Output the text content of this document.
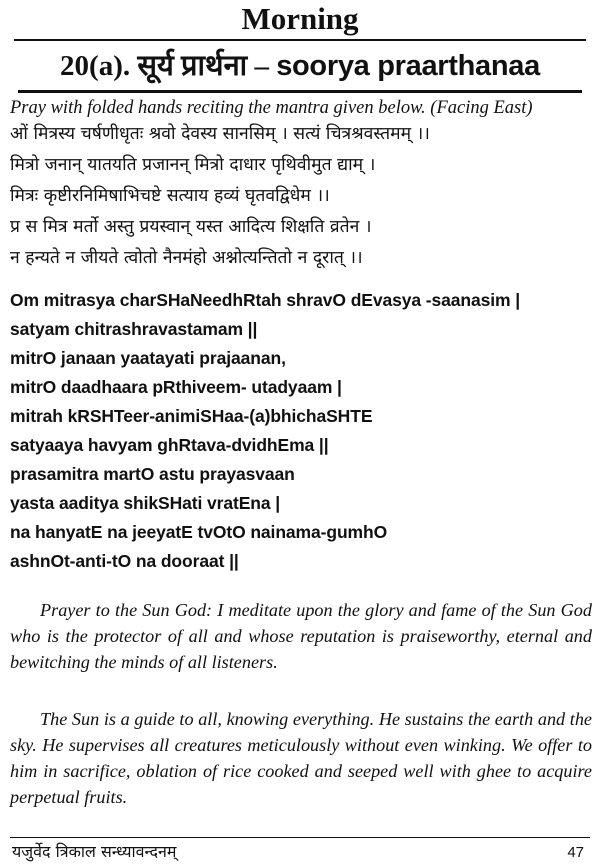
Morning
20(a). सूर्य प्रार्थना – soorya praarthanaa
Pray with folded hands reciting the mantra given below. (Facing East)
ओं मित्रस्य चर्षणीधृतः श्रवो देवस्य सानसिम् । सत्यं चित्रश्रवस्तमम् ।।
मित्रो जनान् यातयति प्रजानन् मित्रो दाधार पृथिवीमुत द्याम् ।
मित्रः कृष्टीरनिमिषाभिचष्टे सत्याय हव्यं घृतवद्विधेम ।।
प्र स मित्र मर्तो अस्तु प्रयस्वान् यस्त आदित्य शिक्षति व्रतेन ।
न हन्यते न जीयते त्वोतो नैनमंहो अश्नोत्यन्तितो न दूरात् ।।
Om mitrasya charSHaNeedhRtah shravO dEvasya -saanasim |
satyam chitrashravastamam ||
mitrO janaan yaatayati prajaanan,
mitrO daadhaara pRthiveem- utadyaam |
mitrah kRSHTeer-animiSHaa-(a)bhichaSHTE
satyaaya havyam ghRtava-dvidhEma ||
prasamitra martO astu prayasvaan
yasta aaditya shikSHati vratEna |
na hanyatE na jeeyatE tvOtO nainama-gumhO
ashnOt-anti-tO na dooraat ||
Prayer to the Sun God: I meditate upon the glory and fame of the Sun God who is the protector of all and whose reputation is praiseworthy, eternal and bewitching the minds of all listeners.
The Sun is a guide to all, knowing everything. He sustains the earth and the sky. He supervises all creatures meticulously without even winking. We offer to him in sacrifice, oblation of rice cooked and seeped well with ghee to acquire perpetual fruits.
यजुर्वेद त्रिकाल सन्ध्यावन्दनम्	47
